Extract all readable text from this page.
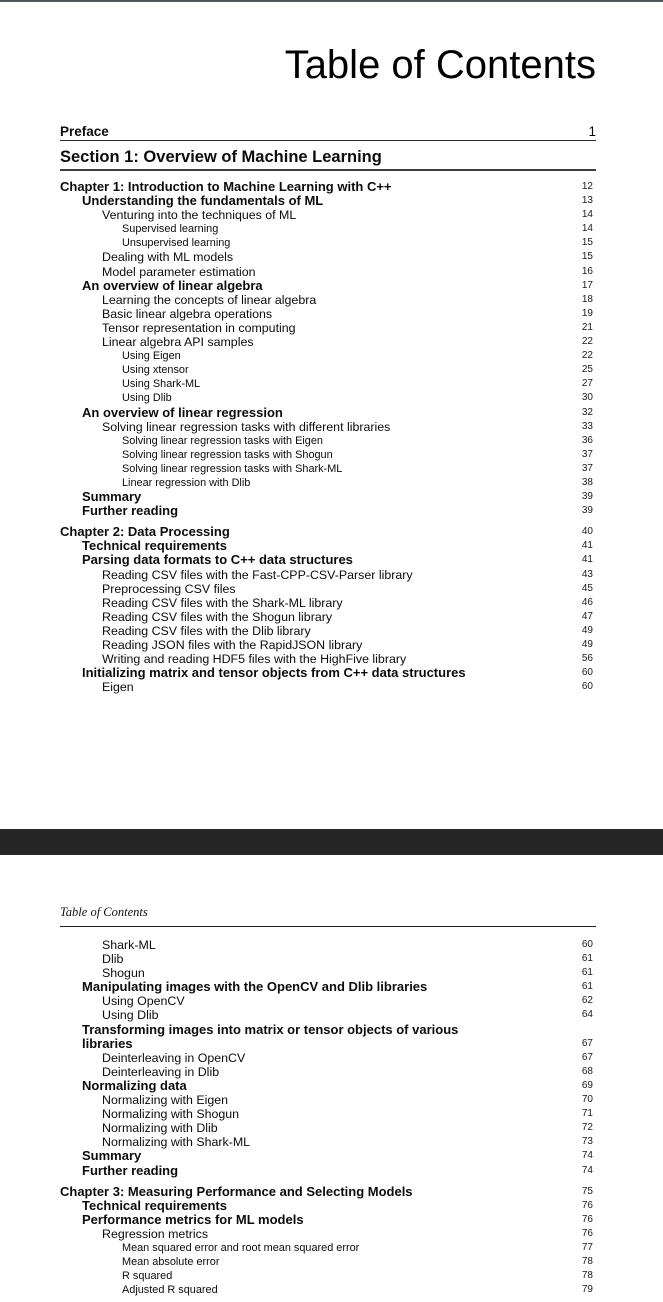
Table of Contents
Preface	1
Section 1: Overview of Machine Learning
Chapter 1: Introduction to Machine Learning with C++	12
Understanding the fundamentals of ML	13
Venturing into the techniques of ML	14
Supervised learning	14
Unsupervised learning	15
Dealing with ML models	15
Model parameter estimation	16
An overview of linear algebra	17
Learning the concepts of linear algebra	18
Basic linear algebra operations	19
Tensor representation in computing	21
Linear algebra API samples	22
Using Eigen	22
Using xtensor	25
Using Shark-ML	27
Using Dlib	30
An overview of linear regression	32
Solving linear regression tasks with different libraries	33
Solving linear regression tasks with Eigen	36
Solving linear regression tasks with Shogun	37
Solving linear regression tasks with Shark-ML	37
Linear regression with Dlib	38
Summary	39
Further reading	39
Chapter 2: Data Processing	40
Technical requirements	41
Parsing data formats to C++ data structures	41
Reading CSV files with the Fast-CPP-CSV-Parser library	43
Preprocessing CSV files	45
Reading CSV files with the Shark-ML library	46
Reading CSV files with the Shogun library	47
Reading CSV files with the Dlib library	49
Reading JSON files with the RapidJSON library	49
Writing and reading HDF5 files with the HighFive library	56
Initializing matrix and tensor objects from C++ data structures	60
Eigen	60
Table of Contents
Shark-ML	60
Dlib	61
Shogun	61
Manipulating images with the OpenCV and Dlib libraries	61
Using OpenCV	62
Using Dlib	64
Transforming images into matrix or tensor objects of various
libraries	67
Deinterleaving in OpenCV	67
Deinterleaving in Dlib	68
Normalizing data	69
Normalizing with Eigen	70
Normalizing with Shogun	71
Normalizing with Dlib	72
Normalizing with Shark-ML	73
Summary	74
Further reading	74
Chapter 3: Measuring Performance and Selecting Models	75
Technical requirements	76
Performance metrics for ML models	76
Regression metrics	76
Mean squared error and root mean squared error	77
Mean absolute error	78
R squared	78
Adjusted R squared	79
